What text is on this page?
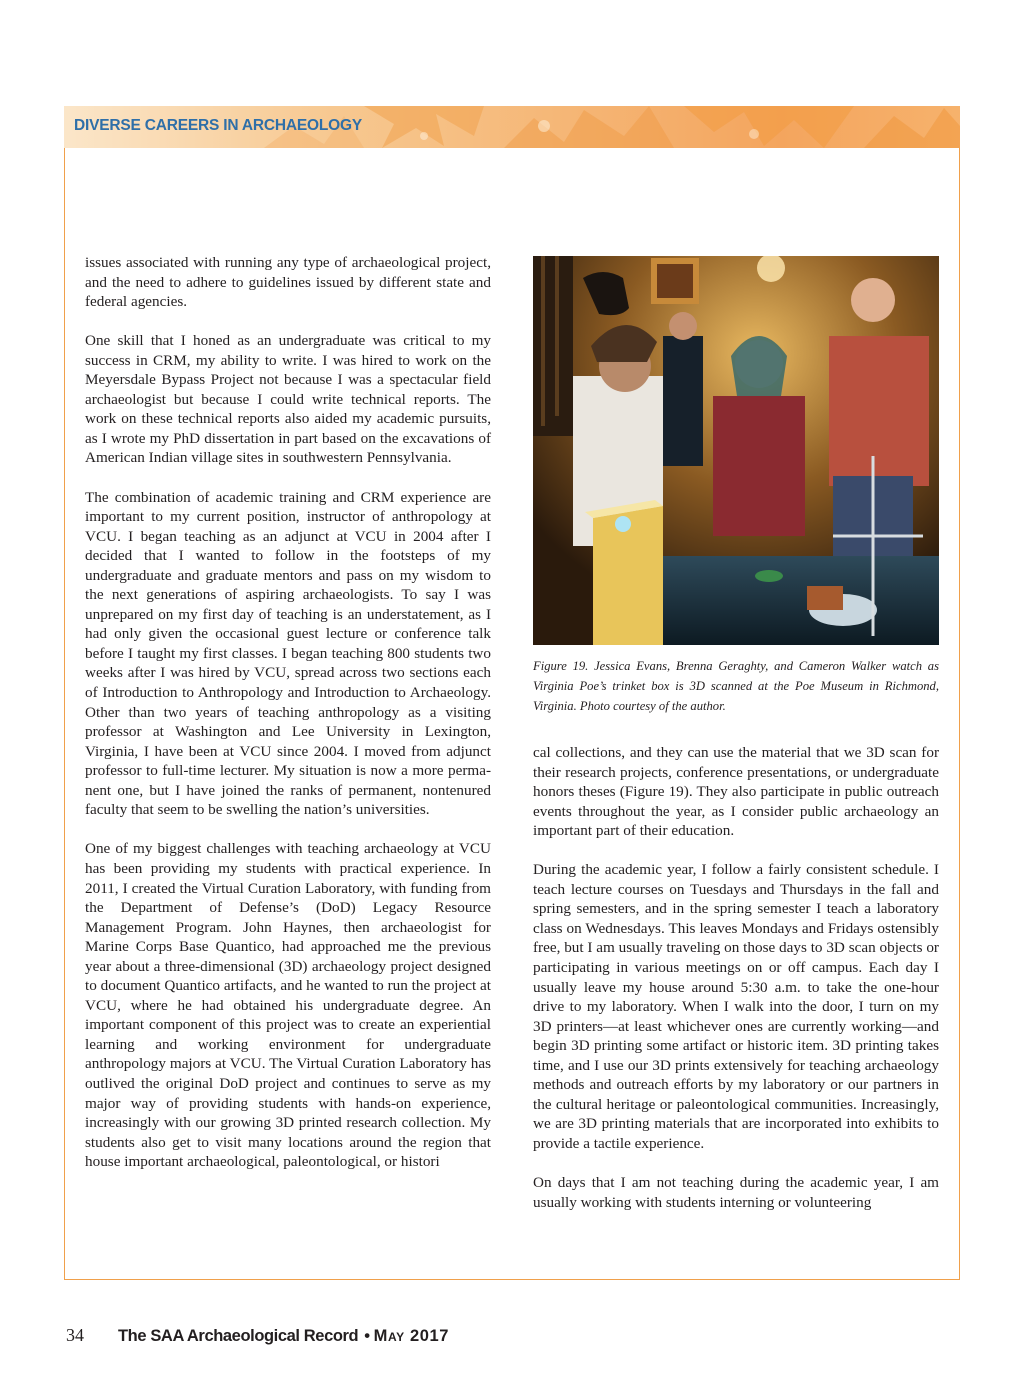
DIVERSE CAREERS IN ARCHAEOLOGY

issues associated with running any type of archaeological project, and the need to adhere to guidelines issued by different state and federal agencies.

One skill that I honed as an undergraduate was critical to my success in CRM, my ability to write. I was hired to work on the Meyersdale Bypass Project not because I was a spectacular field archaeologist but because I could write technical reports. The work on these technical reports also aided my academic pursuits, as I wrote my PhD dissertation in part based on the excavations of American Indian village sites in southwestern Pennsylvania.

The combination of academic training and CRM experience are important to my current position, instructor of anthropology at VCU. I began teaching as an adjunct at VCU in 2004 after I decided that I wanted to follow in the footsteps of my undergraduate and graduate mentors and pass on my wisdom to the next generations of aspiring archaeologists. To say I was unprepared on my first day of teaching is an understatement, as I had only given the occasional guest lecture or conference talk before I taught my first classes. I began teaching 800 students two weeks after I was hired by VCU, spread across two sections each of Introduction to Anthropology and Introduction to Archaeology. Other than two years of teaching anthropology as a visiting professor at Washington and Lee University in Lexington, Virginia, I have been at VCU since 2004. I moved from adjunct professor to full-time lecturer. My situation is now a more permanent one, but I have joined the ranks of permanent, nontenured faculty that seem to be swelling the nation’s universities.

One of my biggest challenges with teaching archaeology at VCU has been providing my students with practical experience. In 2011, I created the Virtual Curation Laboratory, with funding from the Department of Defense’s (DoD) Legacy Resource Management Program. John Haynes, then archaeologist for Marine Corps Base Quantico, had approached me the previous year about a three-dimensional (3D) archaeology project designed to document Quantico artifacts, and he wanted to run the project at VCU, where he had obtained his undergraduate degree. An important component of this project was to create an experiential learning and working environment for undergraduate anthropology majors at VCU. The Virtual Curation Laboratory has outlived the original DoD project and continues to serve as my major way of providing students with hands-on experience, increasingly with our growing 3D printed research collection. My students also get to visit many locations around the region that house important archaeological, paleontological, or histori

Figure 19. Jessica Evans, Brenna Geraghty, and Cameron Walker watch as Virginia Poe’s trinket box is 3D scanned at the Poe Museum in Richmond, Virginia. Photo courtesy of the author.

cal collections, and they can use the material that we 3D scan for their research projects, conference presentations, or undergraduate honors theses (Figure 19). They also participate in public outreach events throughout the year, as I consider public archaeology an important part of their education.

During the academic year, I follow a fairly consistent schedule. I teach lecture courses on Tuesdays and Thursdays in the fall and spring semesters, and in the spring semester I teach a laboratory class on Wednesdays. This leaves Mondays and Fridays ostensibly free, but I am usually traveling on those days to 3D scan objects or participating in various meetings on or off campus. Each day I usually leave my house around 5:30 a.m. to take the one-hour drive to my laboratory. When I walk into the door, I turn on my 3D printers—at least whichever ones are currently working—and begin 3D printing some artifact or historic item. 3D printing takes time, and I use our 3D prints extensively for teaching archaeology methods and outreach efforts by my laboratory or our partners in the cultural heritage or paleontological communities. Increasingly, we are 3D printing materials that are incorporated into exhibits to provide a tactile experience.

On days that I am not teaching during the academic year, I am usually working with students interning or volunteering

34	The SAA Archaeological Record • May 2017
